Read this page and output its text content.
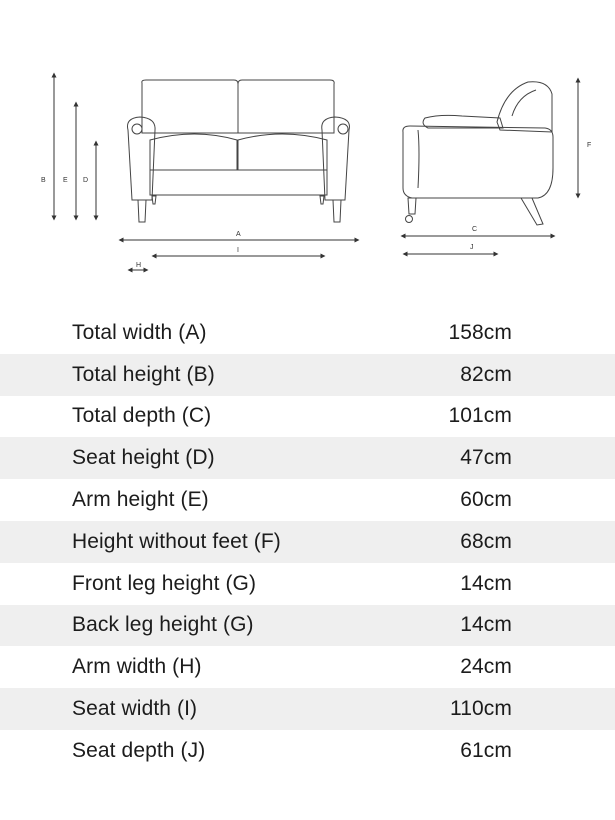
B E D
F
A
I
H
C
J
Total width (A)	158cm
Total height (B)	82cm
Total depth (C)	101cm
Seat height (D)	47cm
Arm height (E)	60cm
Height without feet (F)	68cm
Front leg height (G)	14cm
Back leg height (G)	14cm
Arm width (H)	24cm
Seat width (I)	110cm
Seat depth (J)	61cm
